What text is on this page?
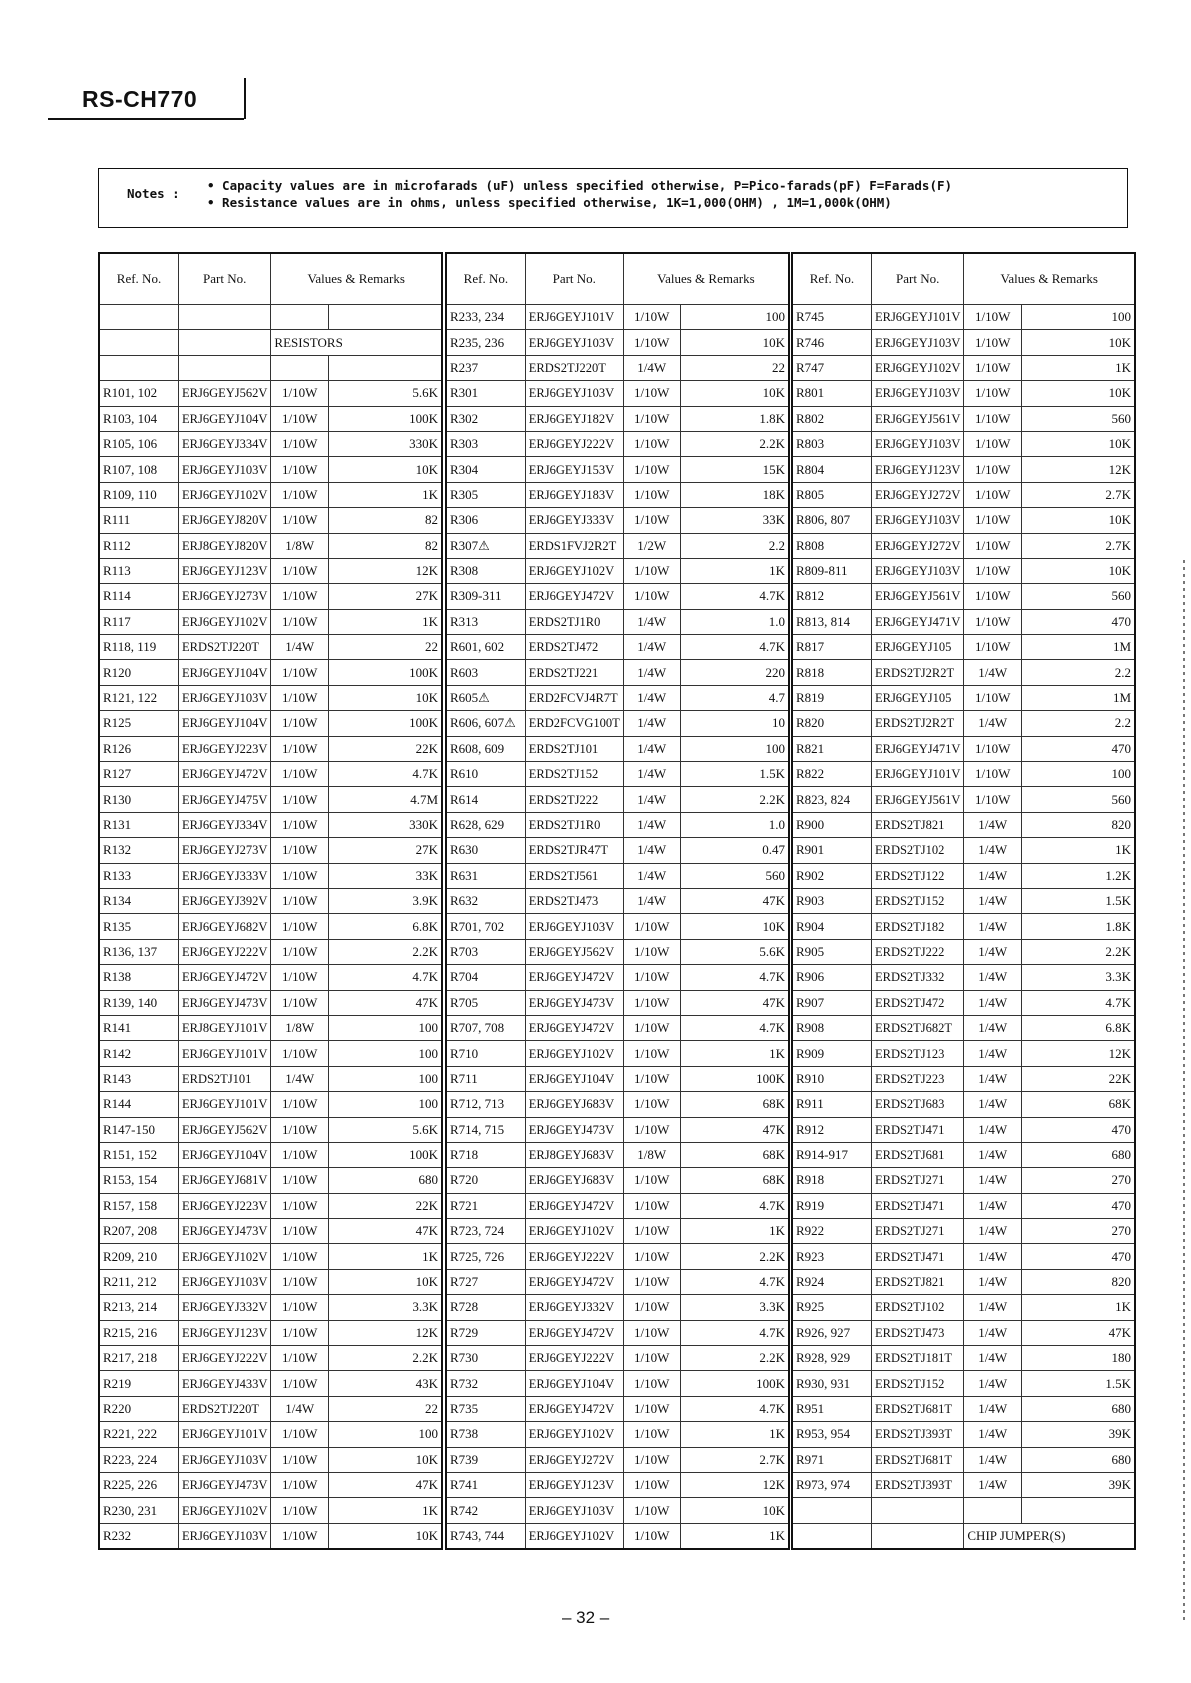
RS-CH770
Notes :
• Capacity values are in microfarads (uF) unless specified otherwise, P=Pico-farads(pF) F=Farads(F)
• Resistance values are in ohms, unless specified otherwise, 1K=1,000(OHM) , 1M=1,000k(OHM)
Ref. No.	Part No.	Values & Remarks	

		RESISTORS	

R101, 102	ERJ6GEYJ562V	1/10W	5.6K
R103, 104	ERJ6GEYJ104V	1/10W	100K
R105, 106	ERJ6GEYJ334V	1/10W	330K
R107, 108	ERJ6GEYJ103V	1/10W	10K
R109, 110	ERJ6GEYJ102V	1/10W	1K
R111	ERJ6GEYJ820V	1/10W	82
R112	ERJ8GEYJ820V	1/8W	82
R113	ERJ6GEYJ123V	1/10W	12K
R114	ERJ6GEYJ273V	1/10W	27K
R117	ERJ6GEYJ102V	1/10W	1K
R118, 119	ERDS2TJ220T	1/4W	22
R120	ERJ6GEYJ104V	1/10W	100K
R121, 122	ERJ6GEYJ103V	1/10W	10K
R125	ERJ6GEYJ104V	1/10W	100K
R126	ERJ6GEYJ223V	1/10W	22K
R127	ERJ6GEYJ472V	1/10W	4.7K
R130	ERJ6GEYJ475V	1/10W	4.7M
R131	ERJ6GEYJ334V	1/10W	330K
R132	ERJ6GEYJ273V	1/10W	27K
R133	ERJ6GEYJ333V	1/10W	33K
R134	ERJ6GEYJ392V	1/10W	3.9K
R135	ERJ6GEYJ682V	1/10W	6.8K
R136, 137	ERJ6GEYJ222V	1/10W	2.2K
R138	ERJ6GEYJ472V	1/10W	4.7K
R139, 140	ERJ6GEYJ473V	1/10W	47K
R141	ERJ8GEYJ101V	1/8W	100
R142	ERJ6GEYJ101V	1/10W	100
R143	ERDS2TJ101	1/4W	100
R144	ERJ6GEYJ101V	1/10W	100
R147-150	ERJ6GEYJ562V	1/10W	5.6K
R151, 152	ERJ6GEYJ104V	1/10W	100K
R153, 154	ERJ6GEYJ681V	1/10W	680
R157, 158	ERJ6GEYJ223V	1/10W	22K
R207, 208	ERJ6GEYJ473V	1/10W	47K
R209, 210	ERJ6GEYJ102V	1/10W	1K
R211, 212	ERJ6GEYJ103V	1/10W	10K
R213, 214	ERJ6GEYJ332V	1/10W	3.3K
R215, 216	ERJ6GEYJ123V	1/10W	12K
R217, 218	ERJ6GEYJ222V	1/10W	2.2K
R219	ERJ6GEYJ433V	1/10W	43K
R220	ERDS2TJ220T	1/4W	22
R221, 222	ERJ6GEYJ101V	1/10W	100
R223, 224	ERJ6GEYJ103V	1/10W	10K
R225, 226	ERJ6GEYJ473V	1/10W	47K
R230, 231	ERJ6GEYJ102V	1/10W	1K
R232	ERJ6GEYJ103V	1/10W	10K
Ref. No.	Part No.	Values & Remarks	
R233, 234	ERJ6GEYJ101V	1/10W	100
R235, 236	ERJ6GEYJ103V	1/10W	10K
R237	ERDS2TJ220T	1/4W	22
R301	ERJ6GEYJ103V	1/10W	10K
R302	ERJ6GEYJ182V	1/10W	1.8K
R303	ERJ6GEYJ222V	1/10W	2.2K
R304	ERJ6GEYJ153V	1/10W	15K
R305	ERJ6GEYJ183V	1/10W	18K
R306	ERJ6GEYJ333V	1/10W	33K
R307⚠	ERDS1FVJ2R2T	1/2W	2.2
R308	ERJ6GEYJ102V	1/10W	1K
R309-311	ERJ6GEYJ472V	1/10W	4.7K
R313	ERDS2TJ1R0	1/4W	1.0
R601, 602	ERDS2TJ472	1/4W	4.7K
R603	ERDS2TJ221	1/4W	220
R605⚠	ERD2FCVJ4R7T	1/4W	4.7
R606, 607⚠	ERD2FCVG100T	1/4W	10
R608, 609	ERDS2TJ101	1/4W	100
R610	ERDS2TJ152	1/4W	1.5K
R614	ERDS2TJ222	1/4W	2.2K
R628, 629	ERDS2TJ1R0	1/4W	1.0
R630	ERDS2TJR47T	1/4W	0.47
R631	ERDS2TJ561	1/4W	560
R632	ERDS2TJ473	1/4W	47K
R701, 702	ERJ6GEYJ103V	1/10W	10K
R703	ERJ6GEYJ562V	1/10W	5.6K
R704	ERJ6GEYJ472V	1/10W	4.7K
R705	ERJ6GEYJ473V	1/10W	47K
R707, 708	ERJ6GEYJ472V	1/10W	4.7K
R710	ERJ6GEYJ102V	1/10W	1K
R711	ERJ6GEYJ104V	1/10W	100K
R712, 713	ERJ6GEYJ683V	1/10W	68K
R714, 715	ERJ6GEYJ473V	1/10W	47K
R718	ERJ8GEYJ683V	1/8W	68K
R720	ERJ6GEYJ683V	1/10W	68K
R721	ERJ6GEYJ472V	1/10W	4.7K
R723, 724	ERJ6GEYJ102V	1/10W	1K
R725, 726	ERJ6GEYJ222V	1/10W	2.2K
R727	ERJ6GEYJ472V	1/10W	4.7K
R728	ERJ6GEYJ332V	1/10W	3.3K
R729	ERJ6GEYJ472V	1/10W	4.7K
R730	ERJ6GEYJ222V	1/10W	2.2K
R732	ERJ6GEYJ104V	1/10W	100K
R735	ERJ6GEYJ472V	1/10W	4.7K
R738	ERJ6GEYJ102V	1/10W	1K
R739	ERJ6GEYJ272V	1/10W	2.7K
R741	ERJ6GEYJ123V	1/10W	12K
R742	ERJ6GEYJ103V	1/10W	10K
R743, 744	ERJ6GEYJ102V	1/10W	1K
Ref. No.	Part No.	Values & Remarks	
R745	ERJ6GEYJ101V	1/10W	100
R746	ERJ6GEYJ103V	1/10W	10K
R747	ERJ6GEYJ102V	1/10W	1K
R801	ERJ6GEYJ103V	1/10W	10K
R802	ERJ6GEYJ561V	1/10W	560
R803	ERJ6GEYJ103V	1/10W	10K
R804	ERJ6GEYJ123V	1/10W	12K
R805	ERJ6GEYJ272V	1/10W	2.7K
R806, 807	ERJ6GEYJ103V	1/10W	10K
R808	ERJ6GEYJ272V	1/10W	2.7K
R809-811	ERJ6GEYJ103V	1/10W	10K
R812	ERJ6GEYJ561V	1/10W	560
R813, 814	ERJ6GEYJ471V	1/10W	470
R817	ERJ6GEYJ105	1/10W	1M
R818	ERDS2TJ2R2T	1/4W	2.2
R819	ERJ6GEYJ105	1/10W	1M
R820	ERDS2TJ2R2T	1/4W	2.2
R821	ERJ6GEYJ471V	1/10W	470
R822	ERJ6GEYJ101V	1/10W	100
R823, 824	ERJ6GEYJ561V	1/10W	560
R900	ERDS2TJ821	1/4W	820
R901	ERDS2TJ102	1/4W	1K
R902	ERDS2TJ122	1/4W	1.2K
R903	ERDS2TJ152	1/4W	1.5K
R904	ERDS2TJ182	1/4W	1.8K
R905	ERDS2TJ222	1/4W	2.2K
R906	ERDS2TJ332	1/4W	3.3K
R907	ERDS2TJ472	1/4W	4.7K
R908	ERDS2TJ682T	1/4W	6.8K
R909	ERDS2TJ123	1/4W	12K
R910	ERDS2TJ223	1/4W	22K
R911	ERDS2TJ683	1/4W	68K
R912	ERDS2TJ471	1/4W	470
R914-917	ERDS2TJ681	1/4W	680
R918	ERDS2TJ271	1/4W	270
R919	ERDS2TJ471	1/4W	470
R922	ERDS2TJ271	1/4W	270
R923	ERDS2TJ471	1/4W	470
R924	ERDS2TJ821	1/4W	820
R925	ERDS2TJ102	1/4W	1K
R926, 927	ERDS2TJ473	1/4W	47K
R928, 929	ERDS2TJ181T	1/4W	180
R930, 931	ERDS2TJ152	1/4W	1.5K
R951	ERDS2TJ681T	1/4W	680
R953, 954	ERDS2TJ393T	1/4W	39K
R971	ERDS2TJ681T	1/4W	680
R973, 974	ERDS2TJ393T	1/4W	39K

		CHIP JUMPER(S)	
– 32 –
